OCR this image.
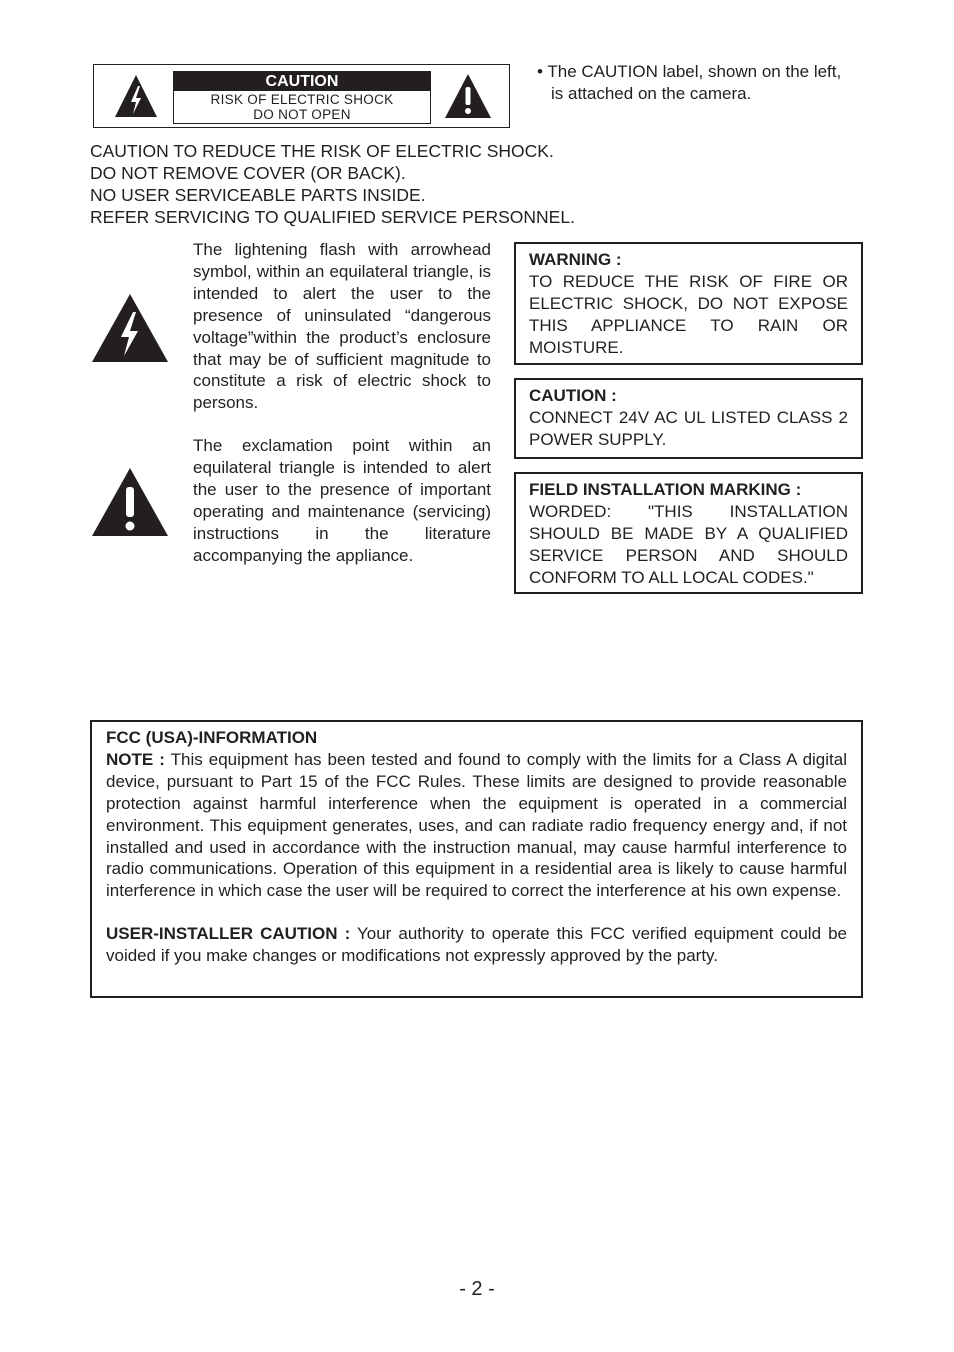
CAUTION
RISK OF ELECTRIC SHOCK
DO NOT OPEN
• The CAUTION label, shown on the left,
is attached on the camera.
CAUTION TO REDUCE THE RISK OF ELECTRIC SHOCK.
DO NOT REMOVE COVER (OR BACK).
NO USER SERVICEABLE PARTS INSIDE.
REFER SERVICING TO QUALIFIED SERVICE PERSONNEL.
The lightening flash with arrowhead symbol, within an equilateral triangle, is intended to alert the user to the presence of uninsulated “dangerous voltage”within the product’s enclosure that may be of sufficient magnitude to constitute a risk of electric shock to persons.
The exclamation point within an equilateral triangle is intended to alert the user to the presence of important operating and maintenance (servicing) instructions in the literature accompanying the appliance.
WARNING :
TO REDUCE THE RISK OF FIRE OR ELECTRIC SHOCK, DO NOT EXPOSE THIS APPLIANCE TO RAIN OR MOISTURE.
CAUTION :
CONNECT 24V AC UL LISTED CLASS 2 POWER SUPPLY.
FIELD INSTALLATION MARKING :
WORDED: "THIS INSTALLATION SHOULD BE MADE BY A QUALIFIED SERVICE PERSON AND SHOULD CONFORM TO ALL LOCAL CODES."
FCC (USA)-INFORMATION

NOTE : This equipment has been tested and found to comply with the limits for a Class A digital device, pursuant to Part 15 of the FCC Rules. These limits are designed to provide reasonable protection against harmful interference when the equipment is operated in a commercial environment. This equipment generates, uses, and can radiate radio frequency energy and, if not installed and used in accordance with the instruction manual, may cause harmful interference to radio communications. Operation of this equipment in a residential area is likely to cause harmful interference in which case the user will be required to correct the interference at his own expense.

USER-INSTALLER CAUTION : Your authority to operate this FCC verified equipment could be voided if you make changes or modifications not expressly approved by the party.

- 2 -
